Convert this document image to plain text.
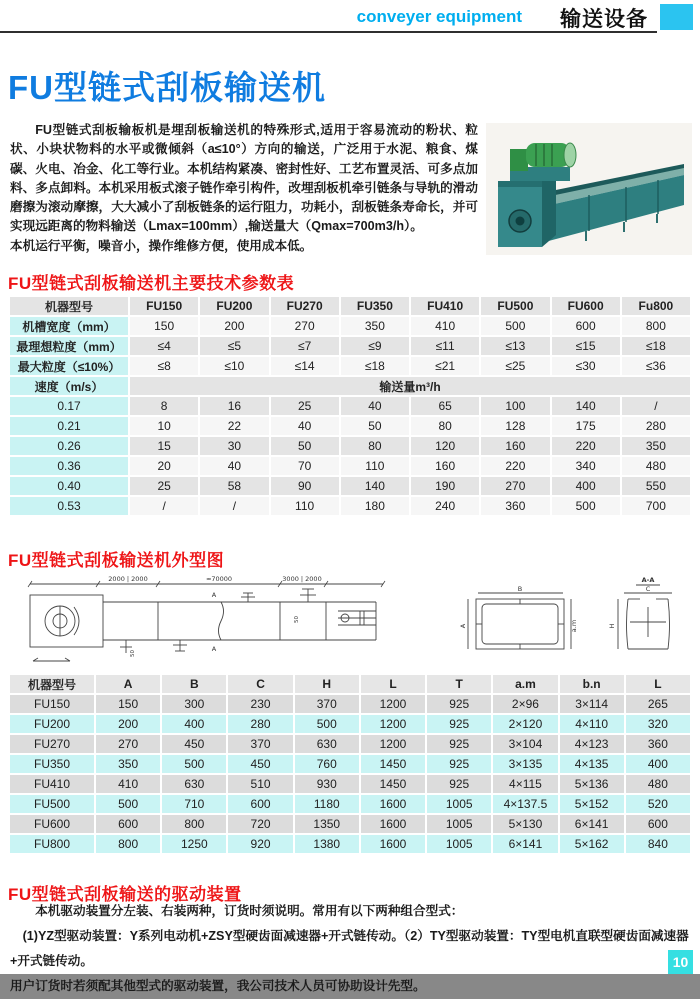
conveyer equipment 输送设备
FU型链式刮板输送机

FU型链式刮板输板机是埋刮板输送机的特殊形式,适用于容易流动的粉状、粒状、小块状物料的水平或微倾斜（a≤10°）方向的输送，广泛用于水泥、粮食、煤碳、火电、冶金、化工等行业。本机结构紧凑、密封性好、工艺布置灵活、可多点加料、多点卸料。本机采用板式滚子链作牵引构件，改埋刮板机牵引链条与导轨的滑动磨擦为滚动摩擦，大大减小了刮板链条的运行阻力，功耗小，刮板链条寿命长，并可实现远距离的物料输送（Lmax=100mm）,输送量大（Qmax=700m3/h）。

本机运行平衡，噪音小，操作维修方便，使用成本低。

FU型链式刮板输送机主要技术参数表
机器型号	FU150	FU200	FU270	FU350	FU410	FU500	FU600	Fu800
机槽宽度（mm）	150	200	270	350	410	500	600	800
最理想粒度（mm）	≤4	≤5	≤7	≤9	≤11	≤13	≤15	≤18
最大粒度（≤10%）	≤8	≤10	≤14	≤18	≤21	≤25	≤30	≤36
速度（m/s）	输送量m³/h							
0.17	8	16	25	40	65	100	140	/
0.21	10	22	40	50	80	128	175	280
0.26	15	30	50	80	120	160	220	350
0.36	20	40	70	110	160	220	340	480
0.40	25	58	90	140	190	270	400	550
0.53	/	/	110	180	240	360	500	700
FU型链式刮板输送机外型图
2000 | 2000	≈70000	3000 | 2000
A
A
50
50
B
A	a.m
A-A
C
H
机器型号	A	B	C	H	L	T	a.m	b.n	L
FU150	150	300	230	370	1200	925	2×96	3×114	265
FU200	200	400	280	500	1200	925	2×120	4×110	320
FU270	270	450	370	630	1200	925	3×104	4×123	360
FU350	350	500	450	760	1450	925	3×135	4×135	400
FU410	410	630	510	930	1450	925	4×115	5×136	480
FU500	500	710	600	1180	1600	1005	4×137.5	5×152	520
FU600	600	800	720	1350	1600	1005	5×130	6×141	600
FU800	800	1250	920	1380	1600	1005	6×141	5×162	840
FU型链式刮板输送的驱动装置

本机驱动装置分左装、右装两种，订货时须说明。常用有以下两种组合型式：

(1)YZ型驱动装置：Y系列电动机+ZSY型硬齿面减速器+开式链传动。（2）TY型驱动装置：TY型电机直联型硬齿面减速器+开式链传动。

用户订货时若须配其他型式的驱动装置，我公司技术人员可协助设计先型。

10
